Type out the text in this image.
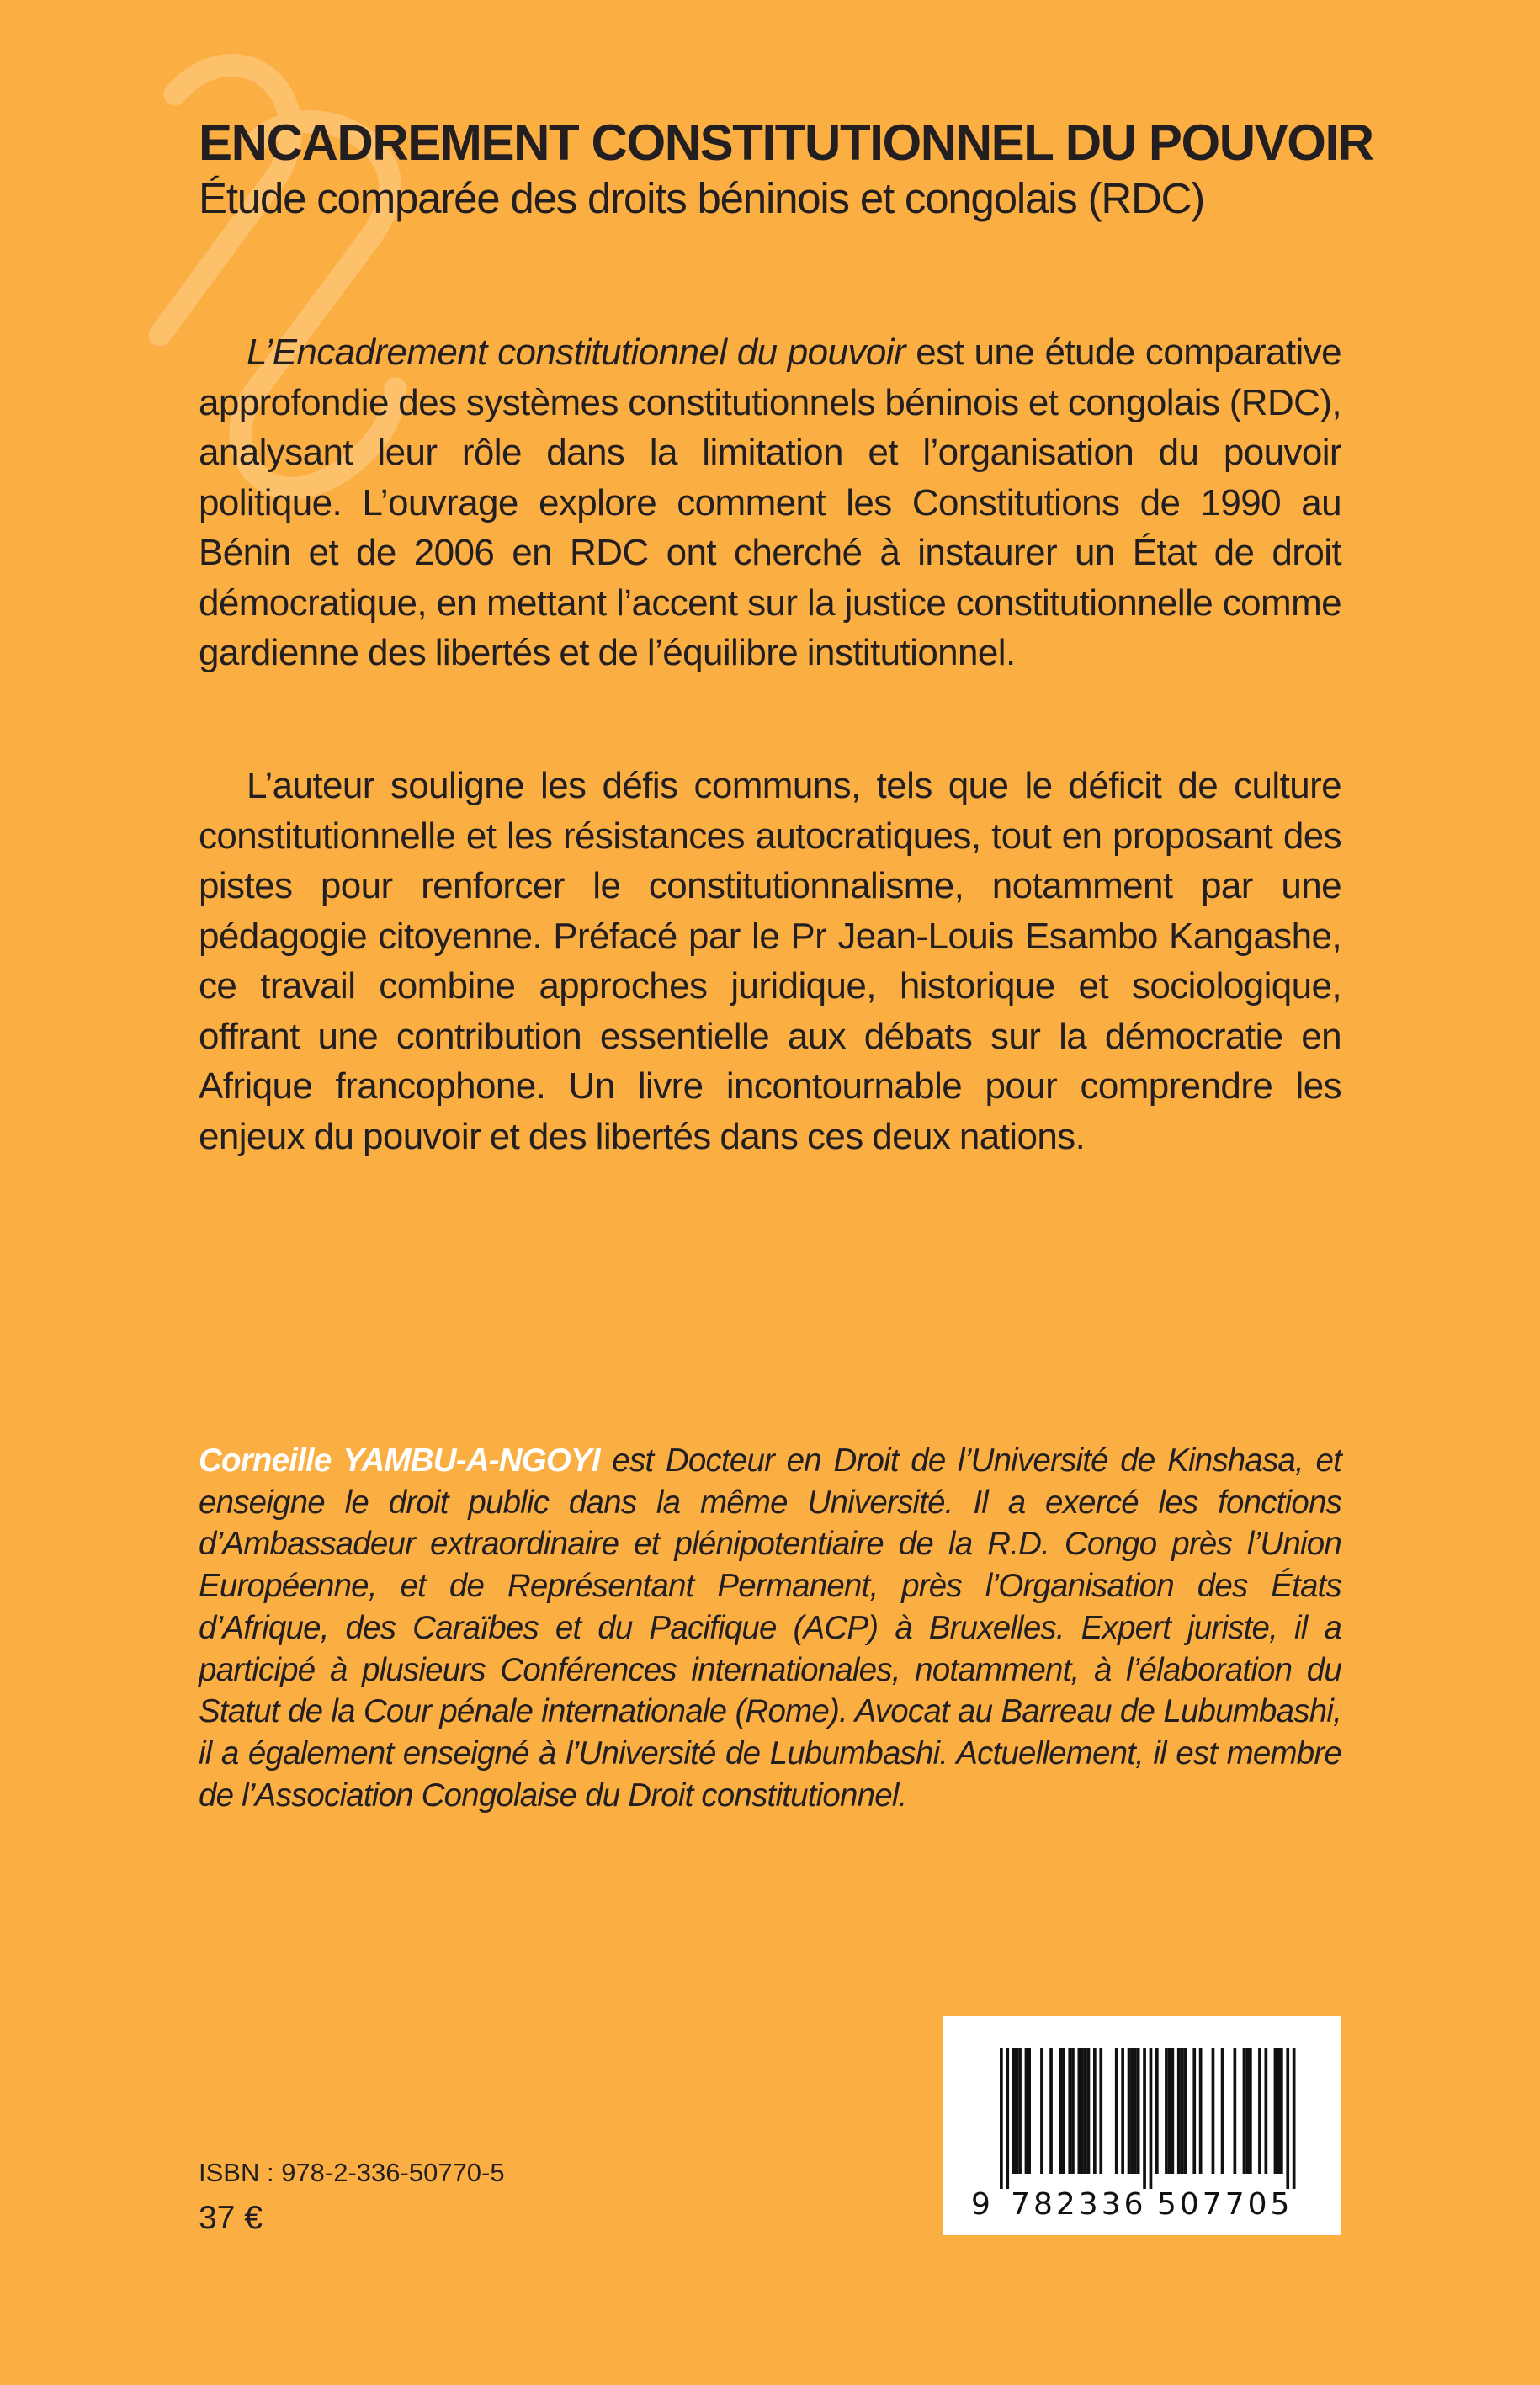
ENCADREMENT CONSTITUTIONNEL DU POUVOIR
Étude comparée des droits béninois et congolais (RDC)

L’Encadrement constitutionnel du pouvoir est une étude comparative approfondie des systèmes constitutionnels béninois et congolais (RDC), analysant leur rôle dans la limitation et l’organisation du pouvoir politique. L’ouvrage explore comment les Constitutions de 1990 au Bénin et de 2006 en RDC ont cherché à instaurer un État de droit démocratique, en mettant l’accent sur la justice constitutionnelle comme gardienne des libertés et de l’équilibre institutionnel.

L’auteur souligne les défis communs, tels que le déficit de culture constitutionnelle et les résistances autocratiques, tout en proposant des pistes pour renforcer le constitutionnalisme, notamment par une pédagogie citoyenne. Préfacé par le Pr Jean-Louis Esambo Kangashe, ce travail combine approches juridique, historique et sociologique, offrant une contribution essentielle aux débats sur la démocratie en Afrique francophone. Un livre incontournable pour comprendre les enjeux du pouvoir et des libertés dans ces deux nations.

Corneille YAMBU-A-NGOYI est Docteur en Droit de l’Université de Kinshasa, et enseigne le droit public dans la même Université. Il a exercé les fonctions d’Ambassadeur extraordinaire et plénipotentiaire de la R.D. Congo près l’Union Européenne, et de Représentant Permanent, près l’Organisation des États d’Afrique, des Caraïbes et du Pacifique (ACP) à Bruxelles. Expert juriste, il a participé à plusieurs Conférences internationales, notamment, à l’élaboration du Statut de la Cour pénale internationale (Rome). Avocat au Barreau de Lubumbashi, il a également enseigné à l’Université de Lubumbashi. Actuellement, il est membre de l’Association Congolaise du Droit constitutionnel.

ISBN : 978-2-336-50770-5
37 €	9 782336 507705
